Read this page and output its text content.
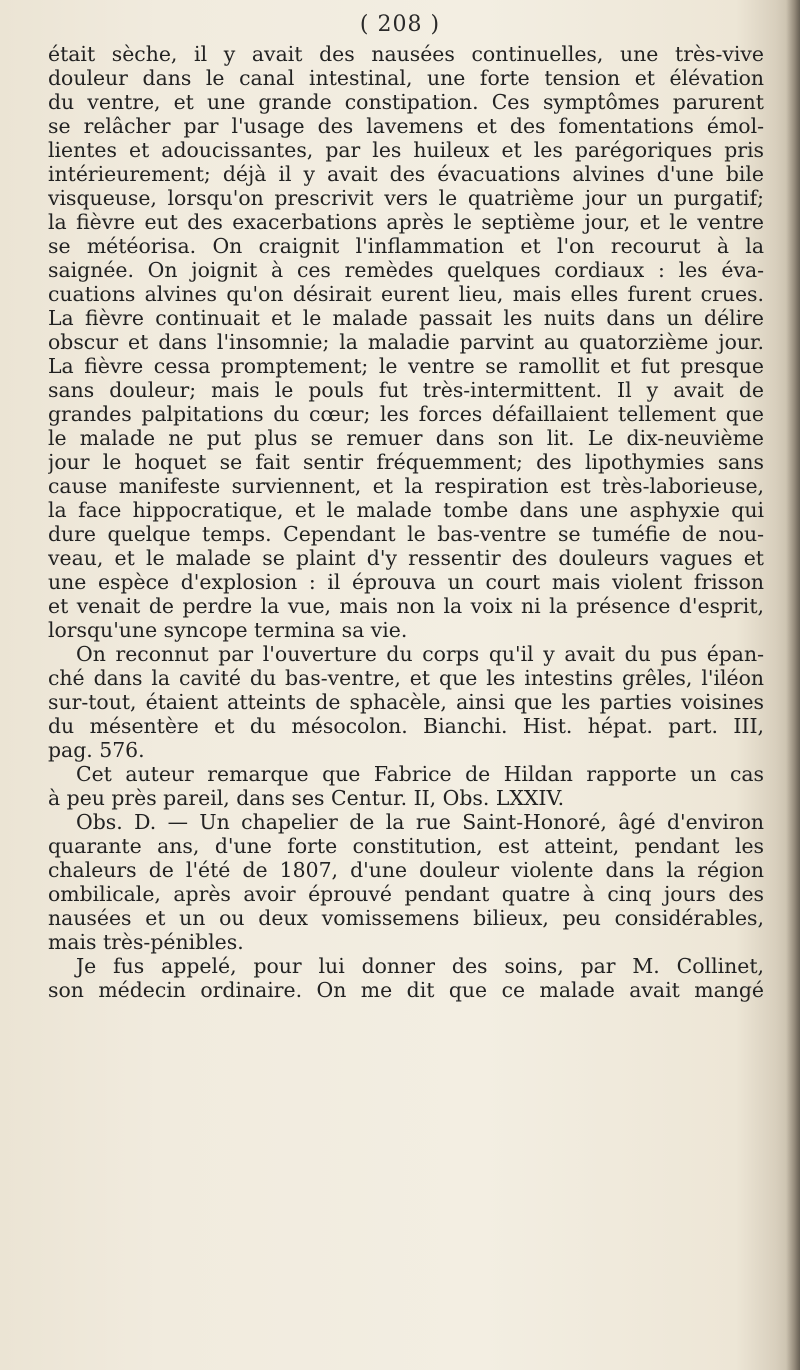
( 208 )
était sèche, il y avait des nausées continuelles, une très-vive
douleur dans le canal intestinal, une forte tension et élévation
du ventre, et une grande constipation. Ces symptômes parurent
se relâcher par l'usage des lavemens et des fomentations émol-
lientes et adoucissantes, par les huileux et les parégoriques pris
intérieurement; déjà il y avait des évacuations alvines d'une bile
visqueuse, lorsqu'on prescrivit vers le quatrième jour un purgatif;
la fièvre eut des exacerbations après le septième jour, et le ventre
se météorisa. On craignit l'inflammation et l'on recourut à la
saignée. On joignit à ces remèdes quelques cordiaux : les éva-
cuations alvines qu'on désirait eurent lieu, mais elles furent crues.
La fièvre continuait et le malade passait les nuits dans un délire
obscur et dans l'insomnie; la maladie parvint au quatorzième jour.
La fièvre cessa promptement; le ventre se ramollit et fut presque
sans douleur; mais le pouls fut très-intermittent. Il y avait de
grandes palpitations du cœur; les forces défaillaient tellement que
le malade ne put plus se remuer dans son lit. Le dix-neuvième
jour le hoquet se fait sentir fréquemment; des lipothymies sans
cause manifeste surviennent, et la respiration est très-laborieuse,
la face hippocratique, et le malade tombe dans une asphyxie qui
dure quelque temps. Cependant le bas-ventre se tuméfie de nou-
veau, et le malade se plaint d'y ressentir des douleurs vagues et
une espèce d'explosion : il éprouva un court mais violent frisson
et venait de perdre la vue, mais non la voix ni la présence d'esprit,
lorsqu'une syncope termina sa vie.
On reconnut par l'ouverture du corps qu'il y avait du pus épan-
ché dans la cavité du bas-ventre, et que les intestins grêles, l'iléon
sur-tout, étaient atteints de sphacèle, ainsi que les parties voisines
du mésentère et du mésocolon. Bianchi. Hist. hépat. part. III,
pag. 576.
Cet auteur remarque que Fabrice de Hildan rapporte un cas
à peu près pareil, dans ses Centur. II, Obs. LXXIV.
Obs. D. — Un chapelier de la rue Saint-Honoré, âgé d'environ
quarante ans, d'une forte constitution, est atteint, pendant les
chaleurs de l'été de 1807, d'une douleur violente dans la région
ombilicale, après avoir éprouvé pendant quatre à cinq jours des
nausées et un ou deux vomissemens bilieux, peu considérables,
mais très-pénibles.
Je fus appelé, pour lui donner des soins, par M. Collinet,
son médecin ordinaire. On me dit que ce malade avait mangé
